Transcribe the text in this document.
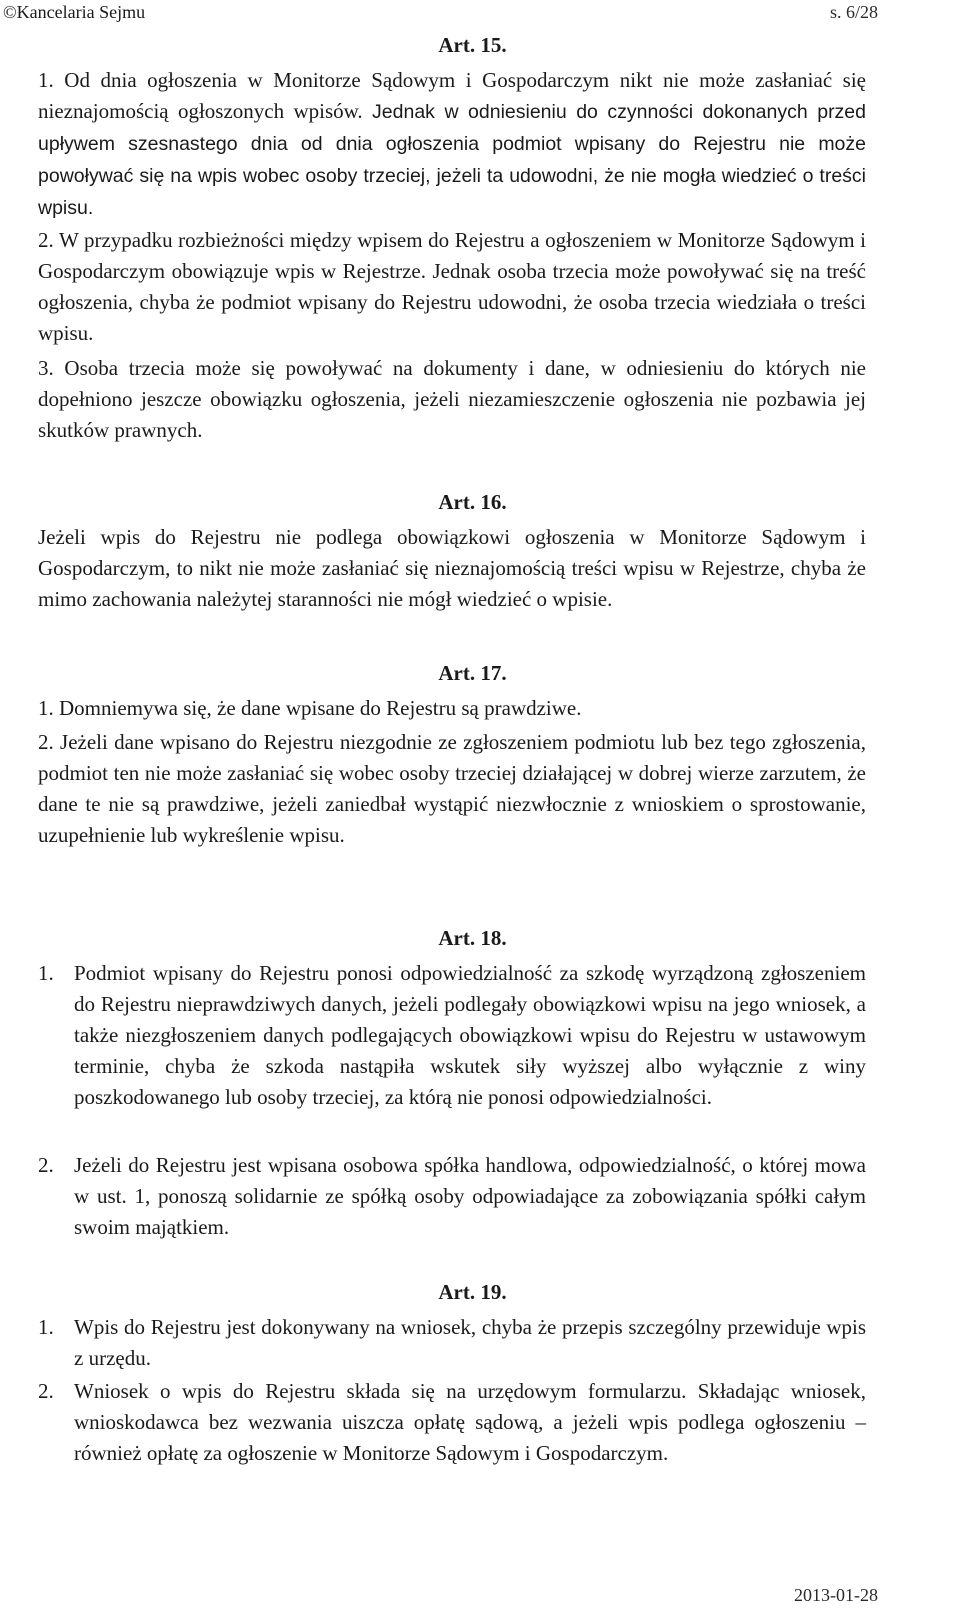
©Kancelaria Sejmu	s. 6/28
Art. 15.
1. Od dnia ogłoszenia w Monitorze Sądowym i Gospodarczym nikt nie może zasłaniać się nieznajomością ogłoszonych wpisów. Jednak w odniesieniu do czynności dokonanych przed upływem szesnastego dnia od dnia ogłoszenia podmiot wpisany do Rejestru nie może powoływać się na wpis wobec osoby trzeciej, jeżeli ta udowodni, że nie mogła wiedzieć o treści wpisu.
2. W przypadku rozbieżności między wpisem do Rejestru a ogłoszeniem w Monitorze Sądowym i Gospodarczym obowiązuje wpis w Rejestrze. Jednak osoba trzecia może powoływać się na treść ogłoszenia, chyba że podmiot wpisany do Rejestru udowodni, że osoba trzecia wiedziała o treści wpisu.
3. Osoba trzecia może się powoływać na dokumenty i dane, w odniesieniu do których nie dopełniono jeszcze obowiązku ogłoszenia, jeżeli niezamieszczenie ogłoszenia nie pozbawia jej skutków prawnych.
Art. 16.
Jeżeli wpis do Rejestru nie podlega obowiązkowi ogłoszenia w Monitorze Sądowym i Gospodarczym, to nikt nie może zasłaniać się nieznajomością treści wpisu w Rejestrze, chyba że mimo zachowania należytej staranności nie mógł wiedzieć o wpisie.
Art. 17.
1. Domniemywa się, że dane wpisane do Rejestru są prawdziwe.
2. Jeżeli dane wpisano do Rejestru niezgodnie ze zgłoszeniem podmiotu lub bez tego zgłoszenia, podmiot ten nie może zasłaniać się wobec osoby trzeciej działającej w dobrej wierze zarzutem, że dane te nie są prawdziwe, jeżeli zaniedbał wystąpić niezwłocznie z wnioskiem o sprostowanie, uzupełnienie lub wykreślenie wpisu.
Art. 18.
1. Podmiot wpisany do Rejestru ponosi odpowiedzialność za szkodę wyrządzoną zgłoszeniem do Rejestru nieprawdziwych danych, jeżeli podlegały obowiązkowi wpisu na jego wniosek, a także niezgłoszeniem danych podlegających obowiązkowi wpisu do Rejestru w ustawowym terminie, chyba że szkoda nastąpiła wskutek siły wyższej albo wyłącznie z winy poszkodowanego lub osoby trzeciej, za którą nie ponosi odpowiedzialności.
2. Jeżeli do Rejestru jest wpisana osobowa spółka handlowa, odpowiedzialność, o której mowa w ust. 1, ponoszą solidarnie ze spółką osoby odpowiadające za zobowiązania spółki całym swoim majątkiem.
Art. 19.
1. Wpis do Rejestru jest dokonywany na wniosek, chyba że przepis szczególny przewiduje wpis z urzędu.
2. Wniosek o wpis do Rejestru składa się na urzędowym formularzu. Składając wniosek, wnioskodawca bez wezwania uiszcza opłatę sądową, a jeżeli wpis podlega ogłoszeniu – również opłatę za ogłoszenie w Monitorze Sądowym i Gospodarczym.
2013-01-28
